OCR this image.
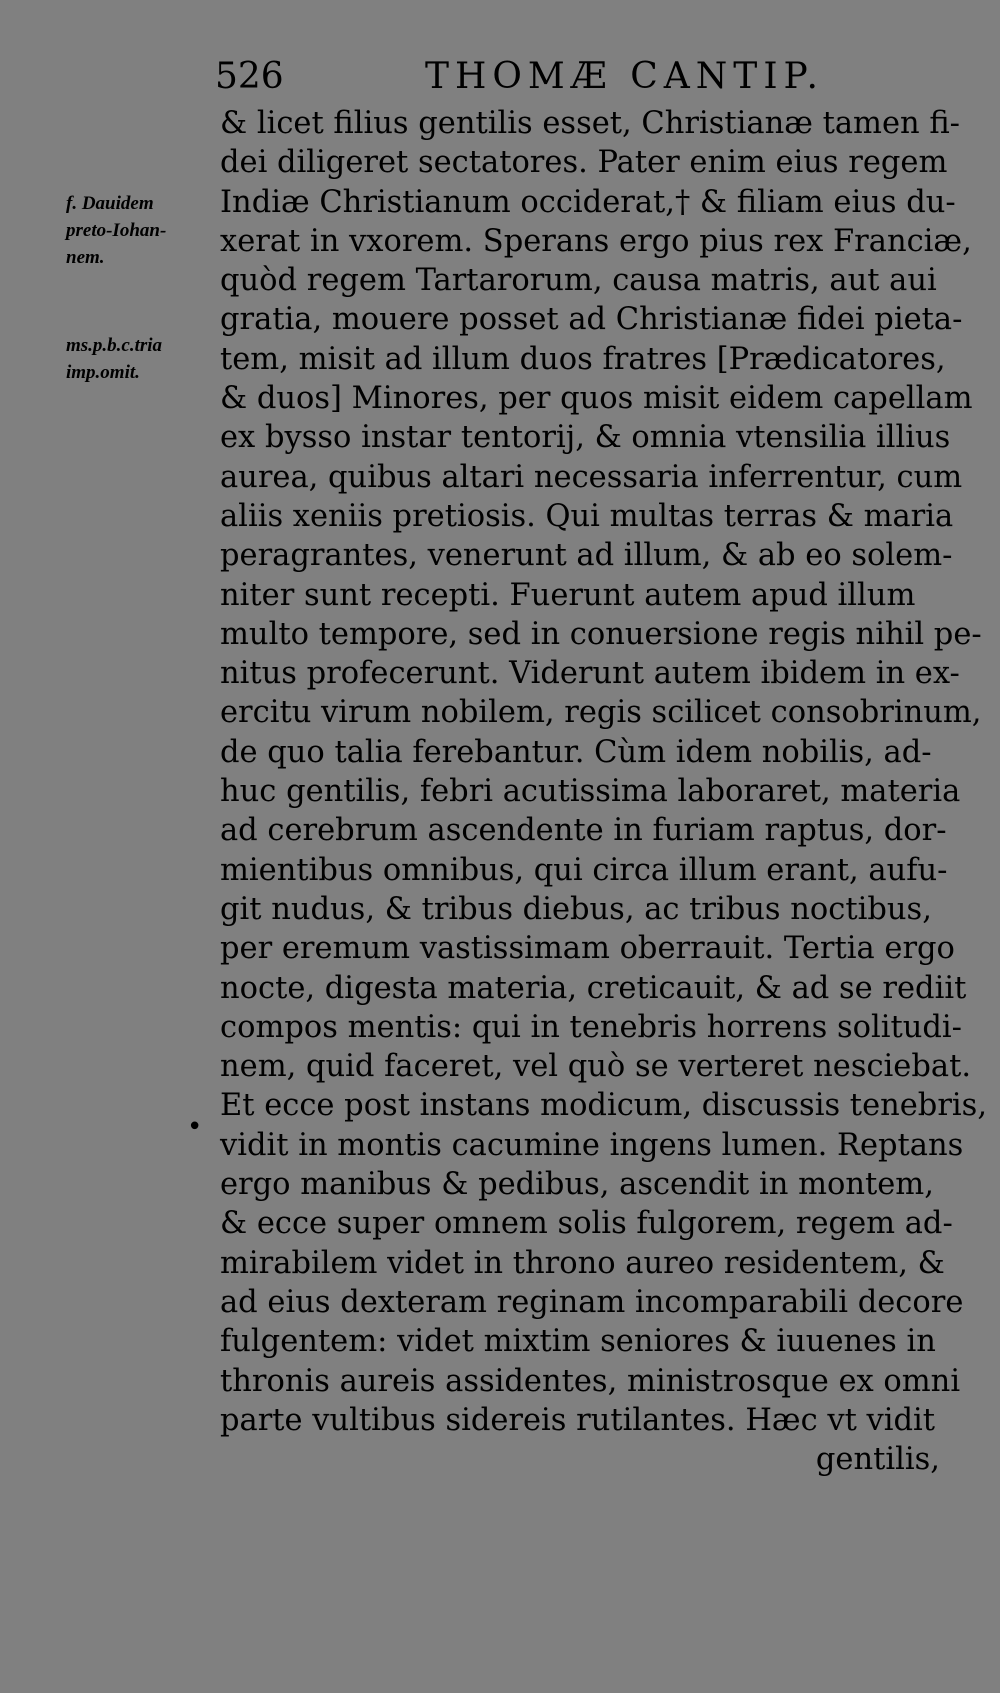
526	THOMÆ CANTIP.
f. Dauidem
preto-Iohan-
nem.
ms.p.b.c.tria
imp.omit.
•
& licet filius gentilis esset, Christianæ tamen fi-
dei diligeret sectatores. Pater enim eius regem
Indiæ Christianum occiderat,† & filiam eius du-
xerat in vxorem. Sperans ergo pius rex Franciæ,
quòd regem Tartarorum, causa matris, aut aui
gratia, mouere posset ad Christianæ fidei pieta-
tem, misit ad illum duos fratres [Prædicatores,
& duos] Minores, per quos misit eidem capellam
ex bysso instar tentorij, & omnia vtensilia illius
aurea, quibus altari necessaria inferrentur, cum
aliis xeniis pretiosis. Qui multas terras & maria
peragrantes, venerunt ad illum, & ab eo solem-
niter sunt recepti. Fuerunt autem apud illum
multo tempore, sed in conuersione regis nihil pe-
nitus profecerunt. Viderunt autem ibidem in ex-
ercitu virum nobilem, regis scilicet consobrinum,
de quo talia ferebantur. Cùm idem nobilis, ad-
huc gentilis, febri acutissima laboraret, materia
ad cerebrum ascendente in furiam raptus, dor-
mientibus omnibus, qui circa illum erant, aufu-
git nudus, & tribus diebus, ac tribus noctibus,
per eremum vastissimam oberrauit. Tertia ergo
nocte, digesta materia, creticauit, & ad se rediit
compos mentis: qui in tenebris horrens solitudi-
nem, quid faceret, vel quò se verteret nesciebat.
Et ecce post instans modicum, discussis tenebris,
vidit in montis cacumine ingens lumen. Reptans
ergo manibus & pedibus, ascendit in montem,
& ecce super omnem solis fulgorem, regem ad-
mirabilem videt in throno aureo residentem, &
ad eius dexteram reginam incomparabili decore
fulgentem: videt mixtim seniores & iuuenes in
thronis aureis assidentes, ministrosque ex omni
parte vultibus sidereis rutilantes. Hæc vt vidit
gentilis,
